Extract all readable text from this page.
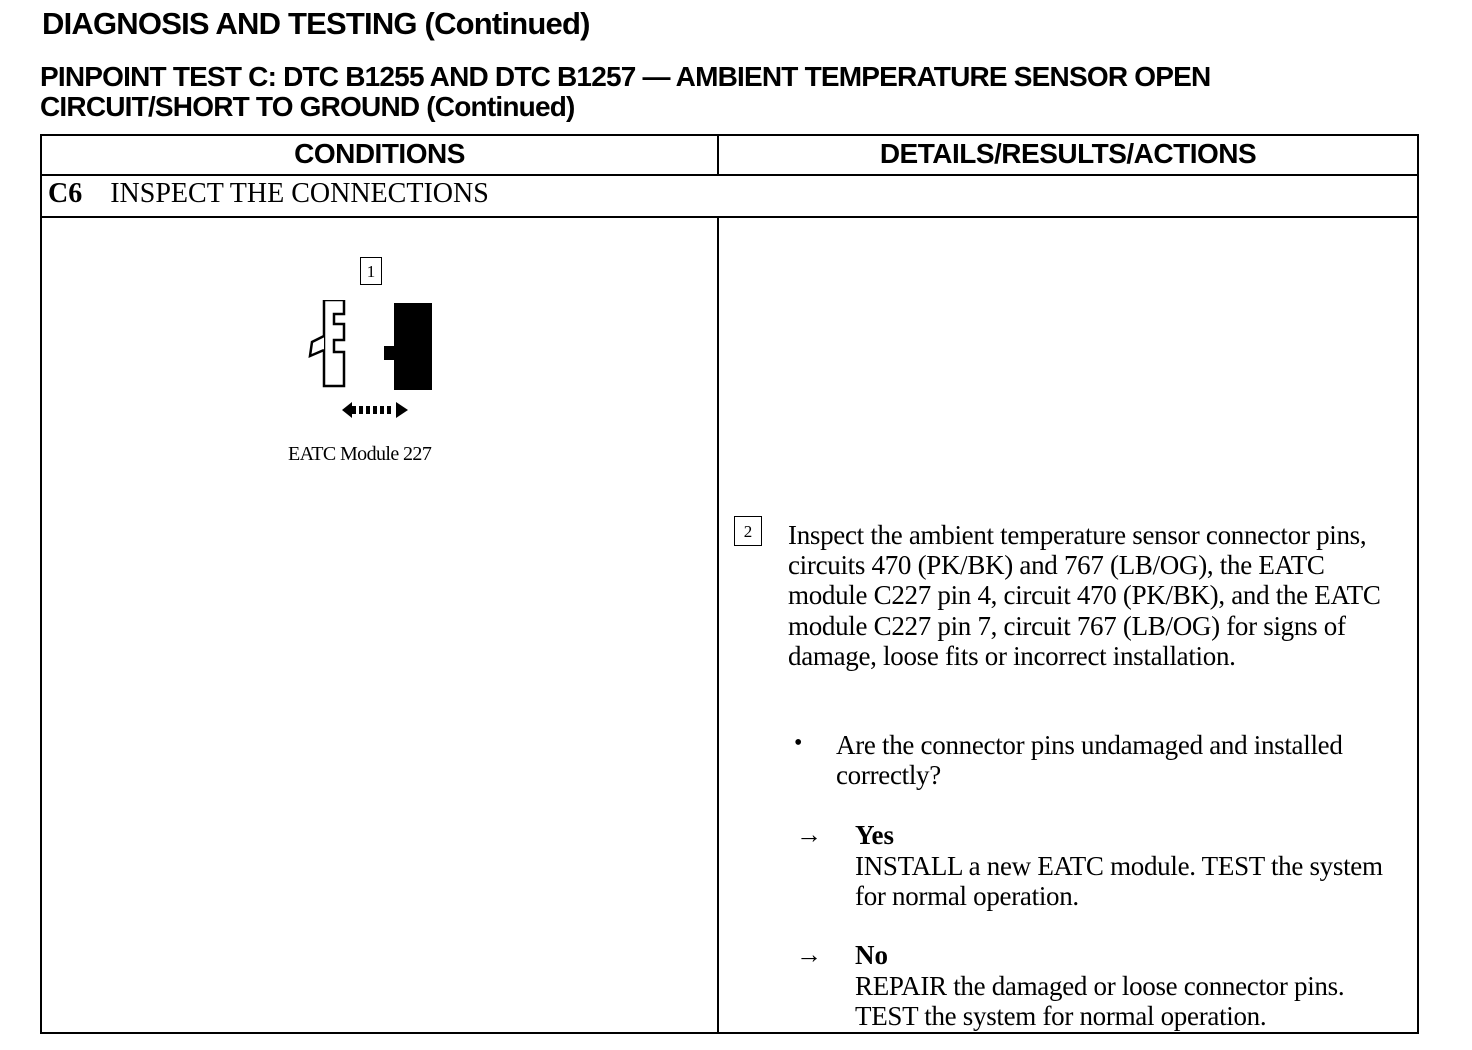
DIAGNOSIS AND TESTING (Continued)
PINPOINT TEST C: DTC B1255 AND DTC B1257 — AMBIENT TEMPERATURE SENSOR OPEN
CIRCUIT/SHORT TO GROUND (Continued)
CONDITIONS	DETAILS/RESULTS/ACTIONS
C6 INSPECT THE CONNECTIONS
1
EATC Module 227
2	Inspect the ambient temperature sensor connector pins, circuits 470 (PK/BK) and 767 (LB/OG), the EATC module C227 pin 4, circuit 470 (PK/BK), and the EATC module C227 pin 7, circuit 767 (LB/OG) for signs of damage, loose fits or incorrect installation.
• Are the connector pins undamaged and installed correctly?
→ Yes
INSTALL a new EATC module. TEST the system for normal operation.
→ No
REPAIR the damaged or loose connector pins. TEST the system for normal operation.
